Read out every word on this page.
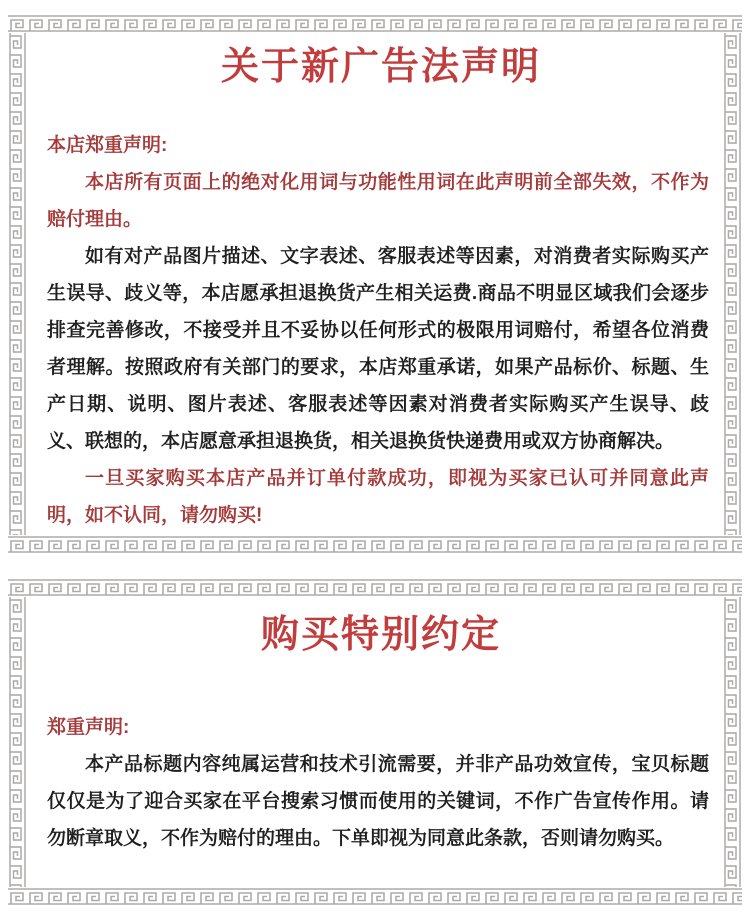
关于新广告法声明

本店郑重声明:

本店所有页面上的绝对化用词与功能性用词在此声明前全部失效，不作为赔付理由。

如有对产品图片描述、文字表述、客服表述等因素，对消费者实际购买产生误导、歧义等，本店愿承担退换货产生相关运费.商品不明显区域我们会逐步排查完善修改，不接受并且不妥协以任何形式的极限用词赔付，希望各位消费者理解。按照政府有关部门的要求，本店郑重承诺，如果产品标价、标题、生产日期、说明、图片表述、客服表述等因素对消费者实际购买产生误导、歧义、联想的，本店愿意承担退换货，相关退换货快递费用或双方协商解决。

一旦买家购买本店产品并订单付款成功，即视为买家已认可并同意此声明，如不认同，请勿购买!

购买特别约定

郑重声明:

本产品标题内容纯属运营和技术引流需要，并非产品功效宣传，宝贝标题仅仅是为了迎合买家在平台搜索习惯而使用的关键词，不作广告宣传作用。请勿断章取义，不作为赔付的理由。下单即视为同意此条款，否则请勿购买。
